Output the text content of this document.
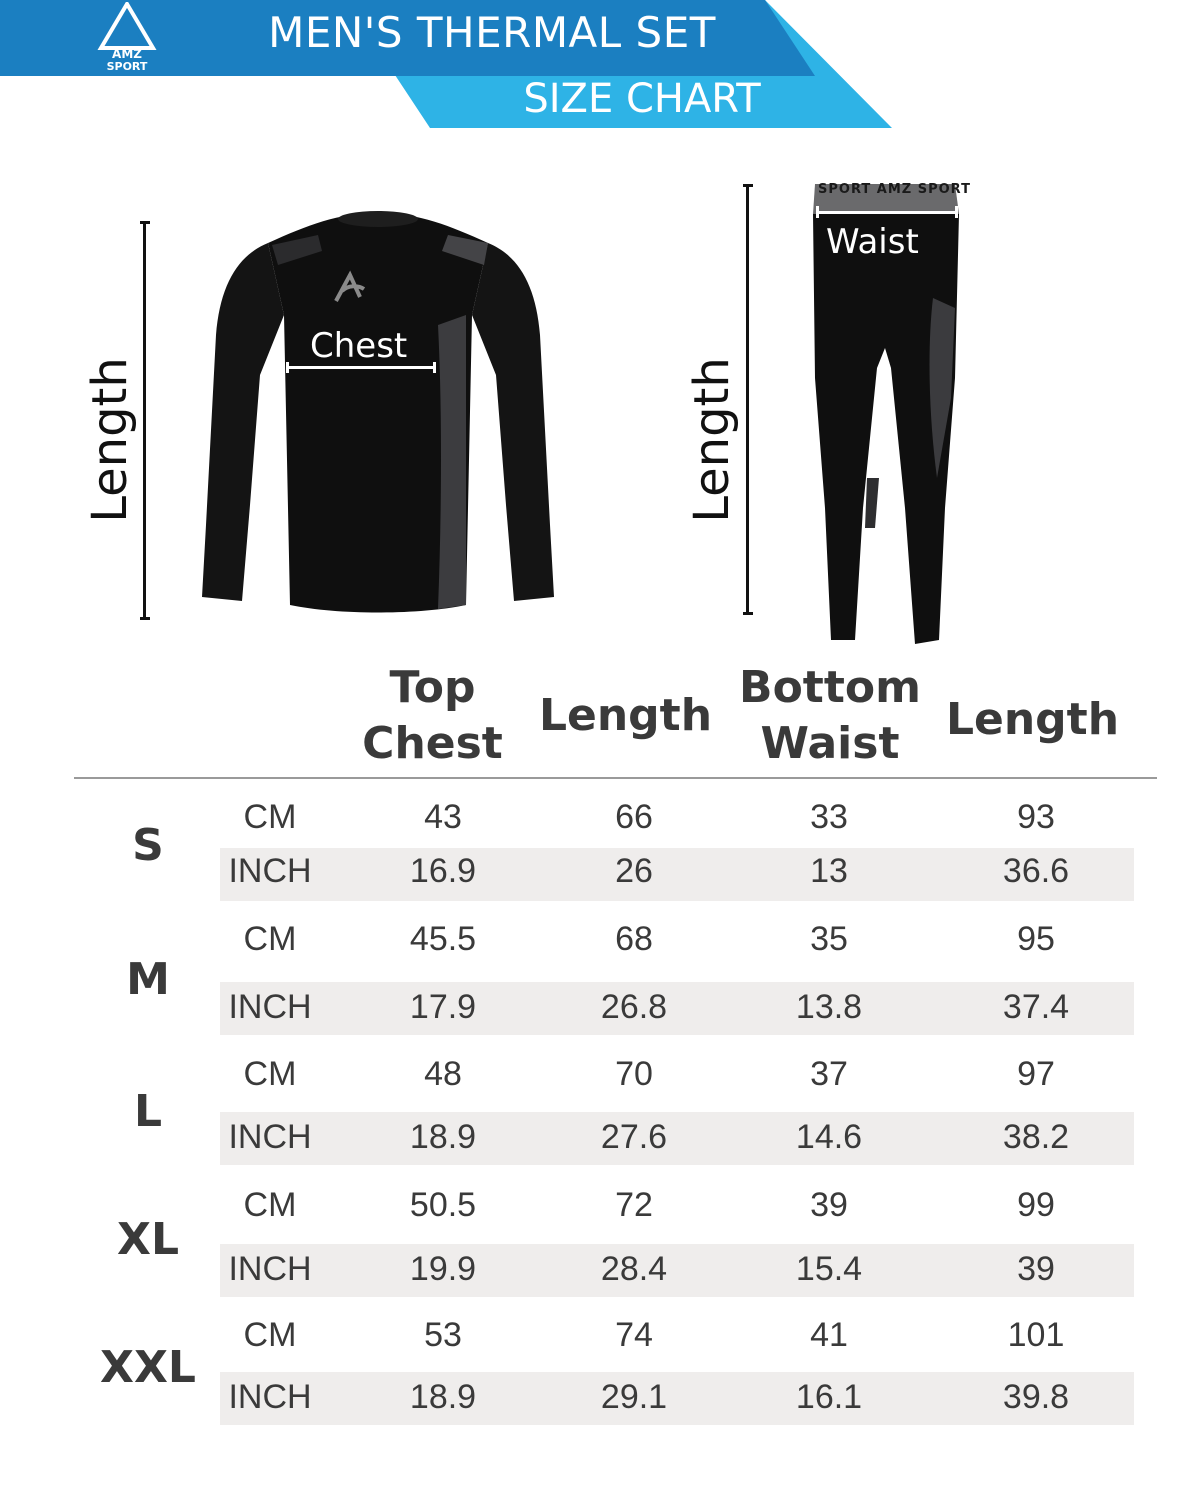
AMZ
SPORT
MEN'S THERMAL SET
SIZE CHART
Length
Chest
Length
SPORT AMZ SPORT
Waist
Top
Chest
Length
Bottom
Waist	Length
S
CM
INCH
43
16.9
66
26
33
13
93
36.6
M
CM
INCH
45.5
17.9
68
26.8
35
13.8
95
37.4
L
CM
INCH
48
18.9
70
27.6
37
14.6
97
38.2
XL
CM
INCH
50.5
19.9
72
28.4
39
15.4
99
39
XXL
CM
INCH
53
18.9
74
29.1
41
16.1
101
39.8
